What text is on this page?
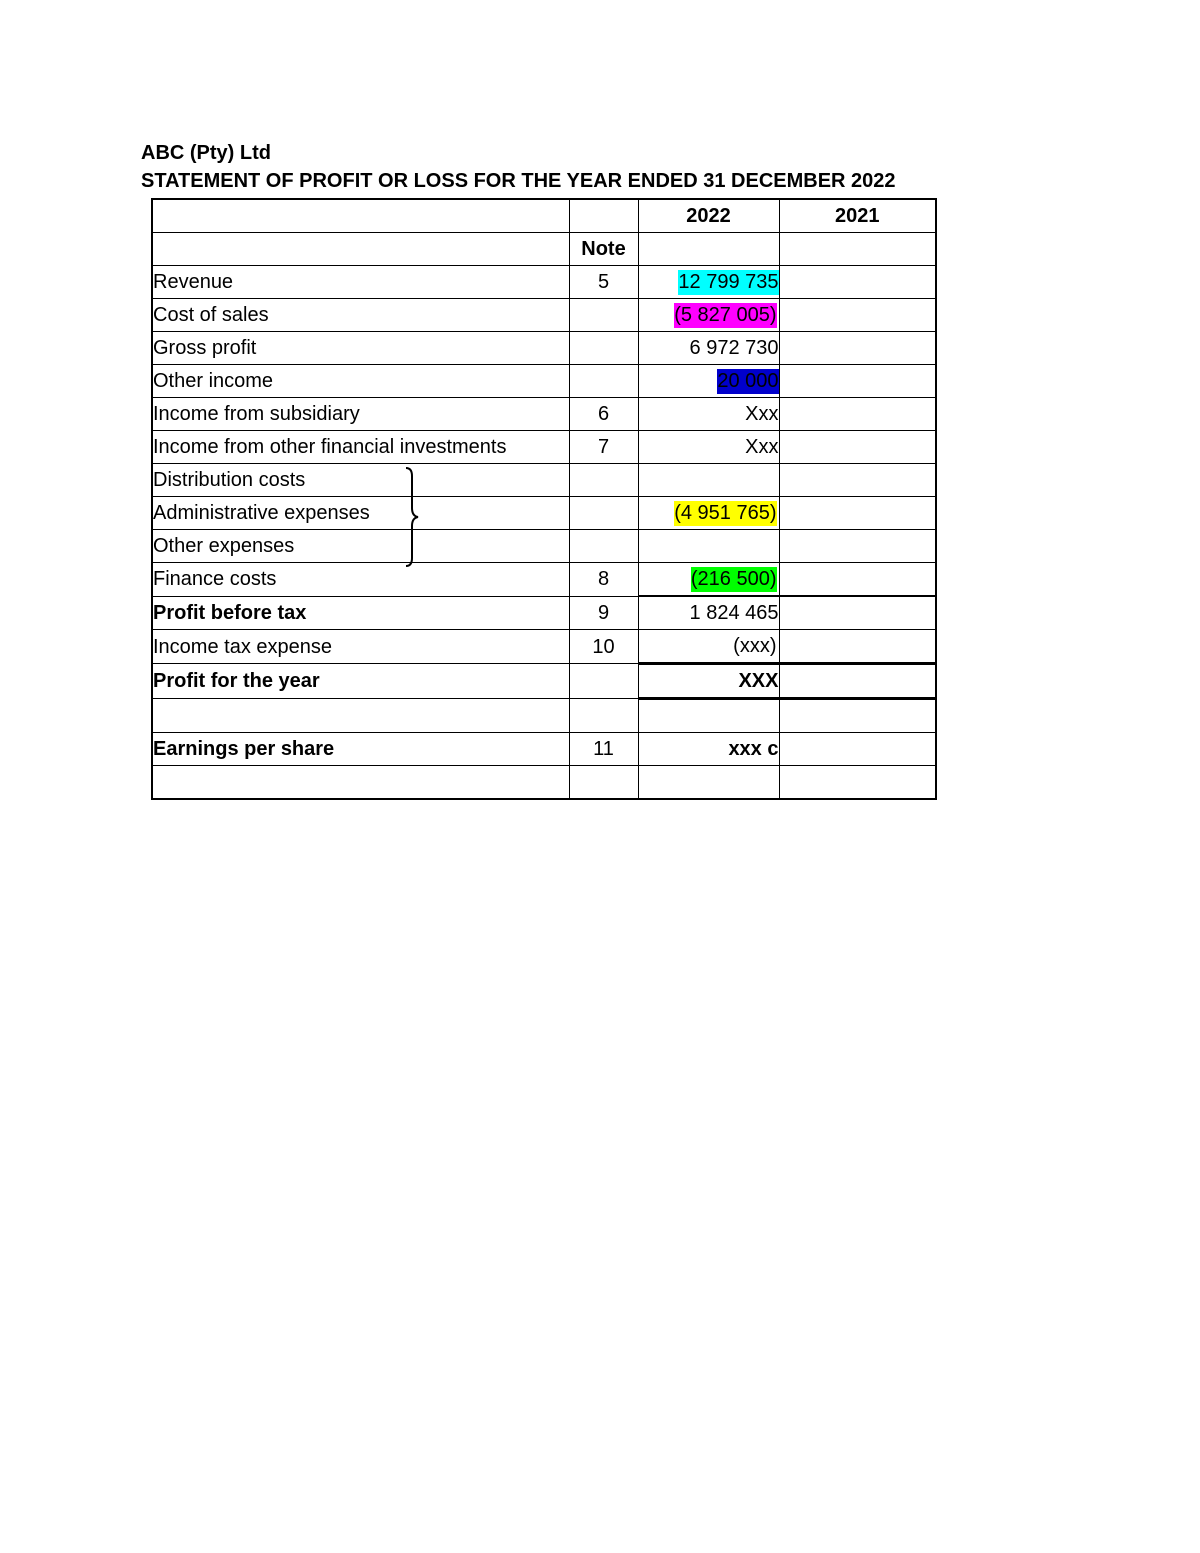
ABC (Pty) Ltd
STATEMENT OF PROFIT OR LOSS FOR THE YEAR ENDED 31 DECEMBER 2022
		2022	2021
	Note		
Revenue	5	12 799 735	
Cost of sales		(5 827 005)	
Gross profit		6 972 730	
Other income		20 000	
Income from subsidiary	6	Xxx	
Income from other financial investments	7	Xxx	
Distribution costs			
Administrative expenses		(4 951 765)	
Other expenses			
Finance costs	8	(216 500)	
Profit before tax	9	1 824 465	
Income tax expense	10	(xxx)	
Profit for the year		XXX	

Earnings per share	11	xxx c	
